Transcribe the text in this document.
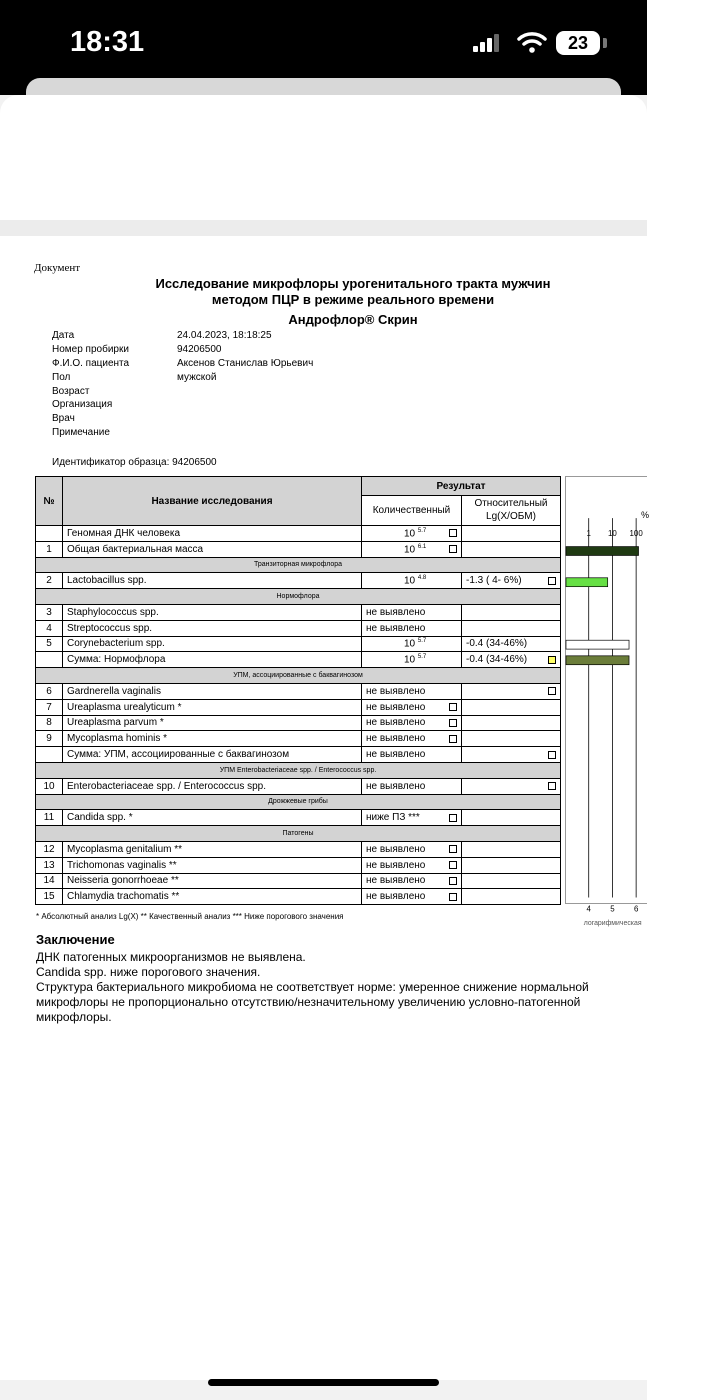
18:31	23
Документ
Исследование микрофлоры урогенитального тракта мужчин
методом ПЦР в режиме реального времени
Андрофлор® Скрин
Дата	24.04.2023, 18:18:25
Номер пробирки	94206500
Ф.И.О. пациента	Аксенов Станислав Юрьевич
Пол	мужской
Возраст
Организация
Врач
Примечание
Идентификатор образца: 94206500
№	Название исследования	Результат	
		Количественный	Относительный
Lg(X/ОБМ)
	Геномная ДНК человека	10 $^{5.7}$

1	Общая бактериальная масса	10 $^{6.1}$

Транзиторная микрофлора			
2	Lactobacillus spp.	10 $^{4.8}$	-1.3 ( 4- 6%)

Нормофлора			
3	Staphylococcus spp.	не выявлено	

4	Streptococcus spp.	не выявлено	

5	Corynebacterium spp.	10 $^{5.7}$	-0.4 (34-46%)

	Сумма: Нормофлора	10 $^{5.7}$	-0.4 (34-46%)

УПМ, ассоциированные с баквагинозом			
6	Gardnerella vaginalis	не выявлено	

7	Ureaplasma urealyticum *	не выявлено	

8	Ureaplasma parvum *	не выявлено	

9	Mycoplasma hominis *	не выявлено	

	Сумма: УПМ, ассоциированные с баквагинозом	не выявлено	

УПМ Enterobacteriaceae spp. / Enterococcus spp.			
10	Enterobacteriaceae spp. / Enterococcus spp.	не выявлено	

Дрожжевые грибы			
11	Candida spp. *	ниже ПЗ ***	

Патогены			
12	Mycoplasma genitalium **	не выявлено	

13	Trichomonas vaginalis **	не выявлено	

14	Neisseria gonorrhoeae **	не выявлено	

15	Chlamydia trachomatis **	не выявлено	

1 10 100
%
4 5 6
логарифмическая
* Абсолютный анализ Lg(X) ** Качественный анализ *** Ниже порогового значения
Заключение
ДНК патогенных микроорганизмов не выявлена.
Candida spp. ниже порогового значения.
Структура бактериального микробиома не соответствует норме: умеренное снижение нормальной
микрофлоры не пропорционально отсутствию/незначительному увеличению условно-патогенной
микрофлоры.
